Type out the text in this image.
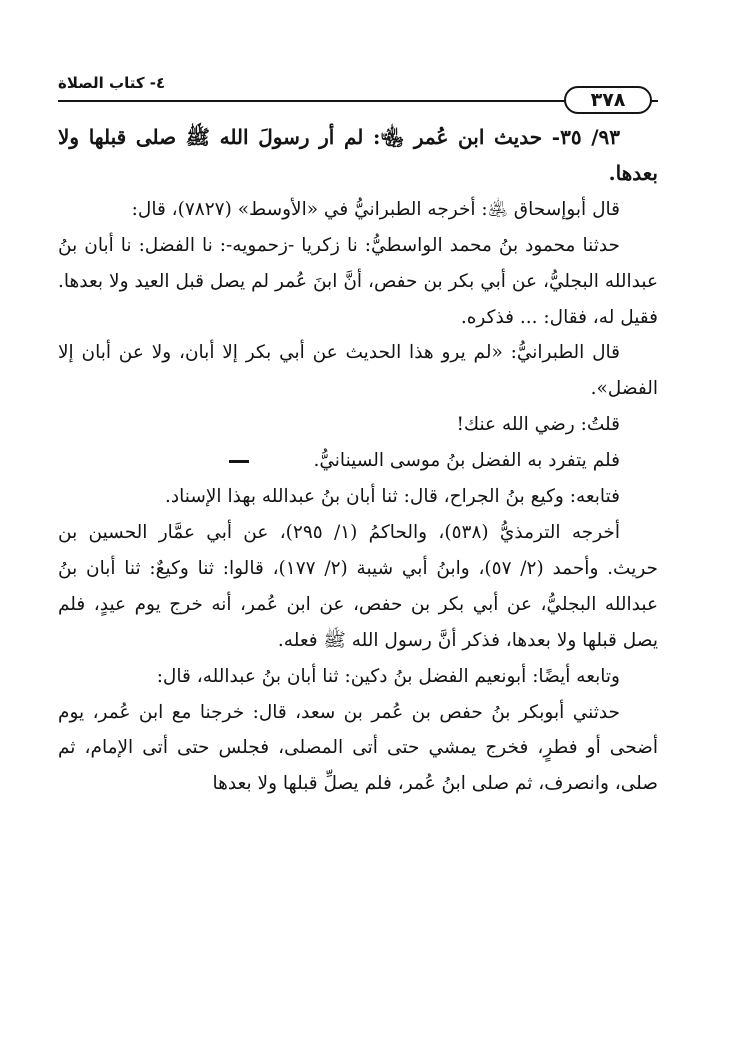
٤- كتاب الصلاة
٣٧٨

٩٣/ ٣٥- حديث ابن عُمر ﵄: لم أر رسولَ الله ﷺ صلى قبلها ولا بعدها.

قال أبوإسحاق ﵁: أخرجه الطبرانيُّ في «الأوسط» (٧٨٢٧)، قال:

حدثنا محمود بنُ محمد الواسطيُّ: نا زكريا -زحمويه-: نا الفضل: نا أبان بنُ عبدالله البجليُّ، عن أبي بكر بن حفص، أنَّ ابنَ عُمر لم يصل قبل العيد ولا بعدها. فقيل له، فقال: ... فذكره.

قال الطبرانيُّ: «لم يرو هذا الحديث عن أبي بكر إلا أبان، ولا عن أبان إلا الفضل».

قلتُ: رضي الله عنك!

فلم يتفرد به الفضل بنُ موسى السينانيُّ.

فتابعه: وكيع بنُ الجراح، قال: ثنا أبان بنُ عبدالله بهذا الإسناد.

أخرجه الترمذيُّ (٥٣٨)، والحاكمُ (١/ ٢٩٥)، عن أبي عمَّار الحسين بن حريث. وأحمد (٢/ ٥٧)، وابنُ أبي شيبة (٢/ ١٧٧)، قالوا: ثنا وكيعٌ: ثنا أبان بنُ عبدالله البجليُّ، عن أبي بكر بن حفص، عن ابن عُمر، أنه خرج يوم عيدٍ، فلم يصل قبلها ولا بعدها، فذكر أنَّ رسول الله ﷺ فعله.

وتابعه أيضًا: أبونعيم الفضل بنُ دكين: ثنا أبان بنُ عبدالله، قال:

حدثني أبوبكر بنُ حفص بن عُمر بن سعد، قال: خرجنا مع ابن عُمر، يوم أضحى أو فطرٍ، فخرج يمشي حتى أتى المصلى، فجلس حتى أتى الإمام، ثم صلى، وانصرف، ثم صلى ابنُ عُمر، فلم يصلِّ قبلها ولا بعدها
